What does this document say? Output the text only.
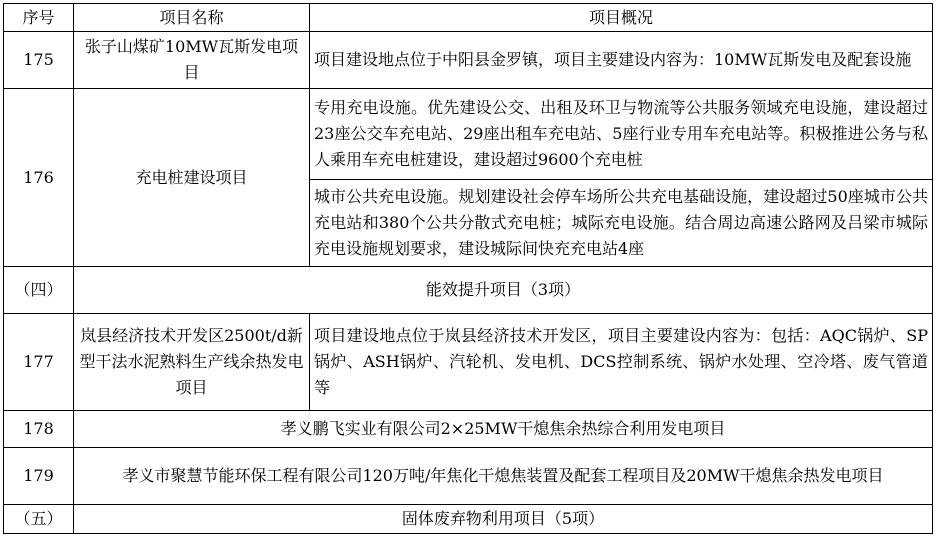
序号	项目名称	项目概况
175	张子山煤矿10MW瓦斯发电项目	项目建设地点位于中阳县金罗镇，项目主要建设内容为：10MW瓦斯发电及配套设施
176	充电桩建设项目	专用充电设施。优先建设公交、出租及环卫与物流等公共服务领域充电设施，建设超过23座公交车充电站、29座出租车充电站、5座行业专用车充电站等。积极推进公务与私人乘用车充电桩建设，建设超过9600个充电桩
		城市公共充电设施。规划建设社会停车场所公共充电基础设施，建设超过50座城市公共充电站和380个公共分散式充电桩；城际充电设施。结合周边高速公路网及吕梁市城际充电设施规划要求，建设城际间快充充电站4座
（四）	能效提升项目（3项）	
177	岚县经济技术开发区2500t/d新型干法水泥熟料生产线余热发电项目	项目建设地点位于岚县经济技术开发区，项目主要建设内容为：包括：AQC锅炉、SP锅炉、ASH锅炉、汽轮机、发电机、DCS控制系统、锅炉水处理、空冷塔、废气管道等
178	孝义鹏飞实业有限公司2×25MW干熄焦余热综合利用发电项目	
179	孝义市聚慧节能环保工程有限公司120万吨/年焦化干熄焦装置及配套工程项目及20MW干熄焦余热发电项目	
（五）	固体废弃物利用项目（5项）	
